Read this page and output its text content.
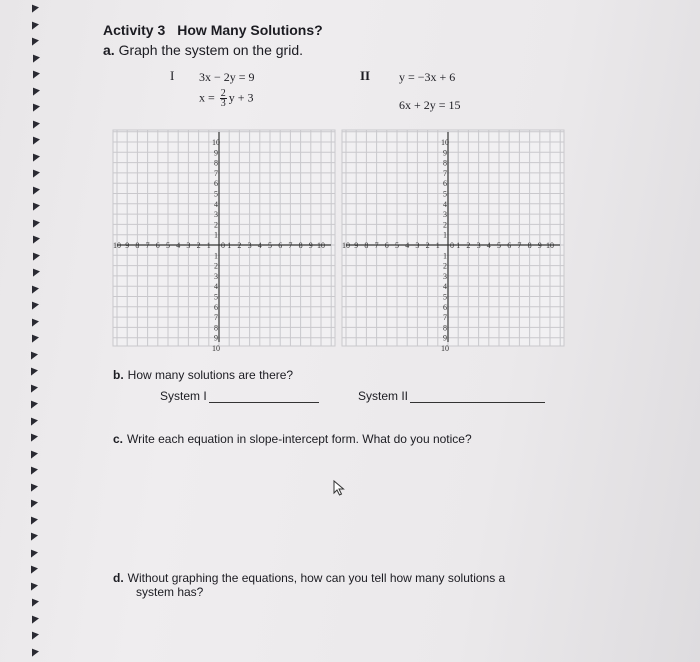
Activity 3 How Many Solutions?
a. Graph the system on the grid.
I 3x − 2y = 9
$x = \frac{2}{3}$ y + 3
II y = −3x + 6
6x + 2y = 15
10 9 8 7 6 5 4 3 2 1 1 2 3 4 5 6 7 8 9 10
10
9
8
7
6
5
4
3
2
1
1
2
3
4
5
6
7
8
9
10
0	10 9 8 7 6 5 4 3 2 1 1 2 3 4 5 6 7 8 9 10
10
9
8
7
6
5
4
3
2
1
1
2
3
4
5
6
7
8
9
10
0
b. How many solutions are there?
System I	System II
c. Write each equation in slope-intercept form. What do you notice?
d. Without graphing the equations, how can you tell how many solutions a
system has?
